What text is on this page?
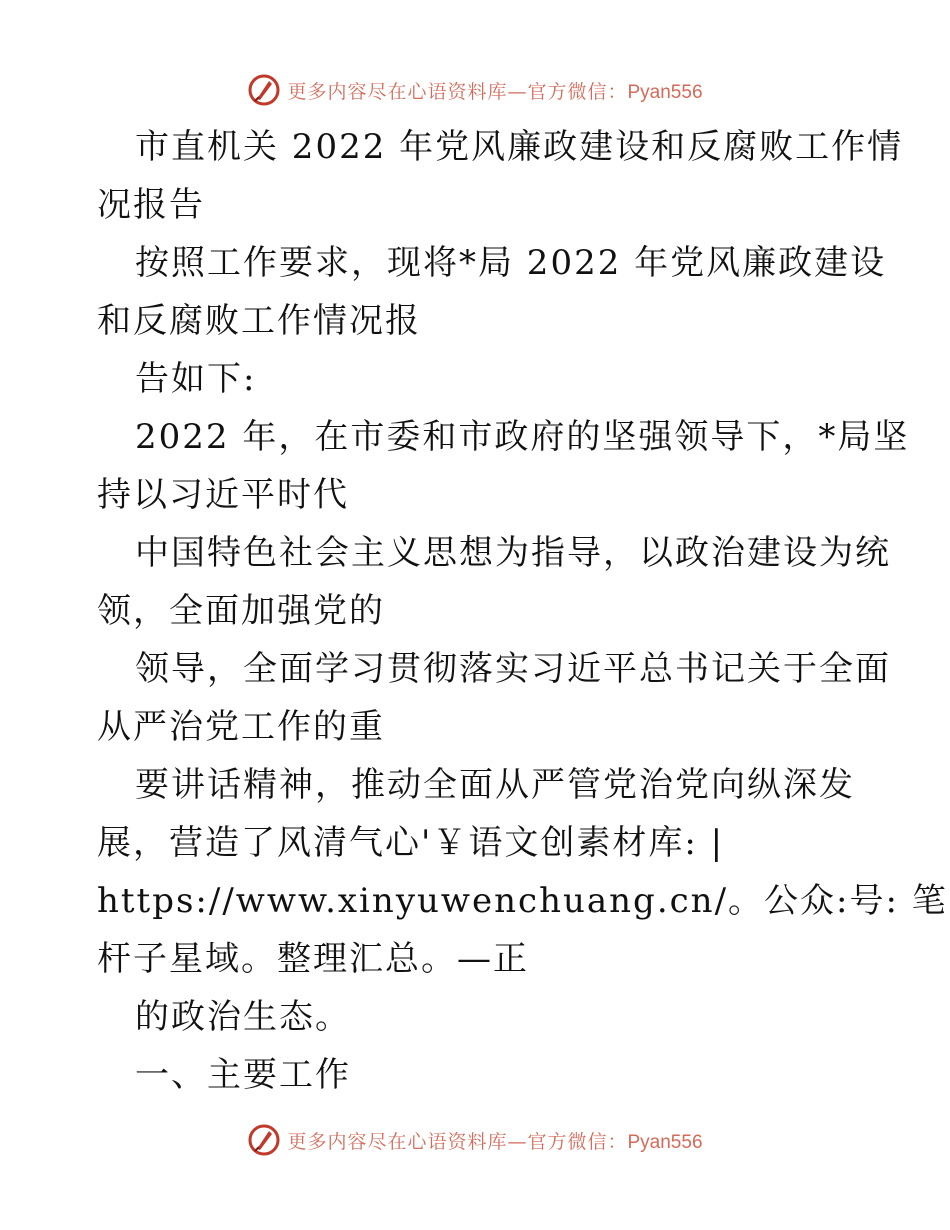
更多内容尽在心语资料库—官方微信：Pyan556
市直机关 2022 年党风廉政建设和反腐败工作情
况报告
按照工作要求，现将*局 2022 年党风廉政建设
和反腐败工作情况报
告如下:
2022 年，在市委和市政府的坚强领导下，*局坚
持以习近平时代
中国特色社会主义思想为指导，以政治建设为统
领，全面加强党的
领导，全面学习贯彻落实习近平总书记关于全面
从严治党工作的重
要讲话精神，推动全面从严管党治党向纵深发
展，营造了风清气心'￥语文创素材库: |
https://www.xinyuwenchuang.cn/。公众:号: 笔
杆子星域。整理汇总。—正
的政治生态。
一、主要工作
更多内容尽在心语资料库—官方微信：Pyan556
